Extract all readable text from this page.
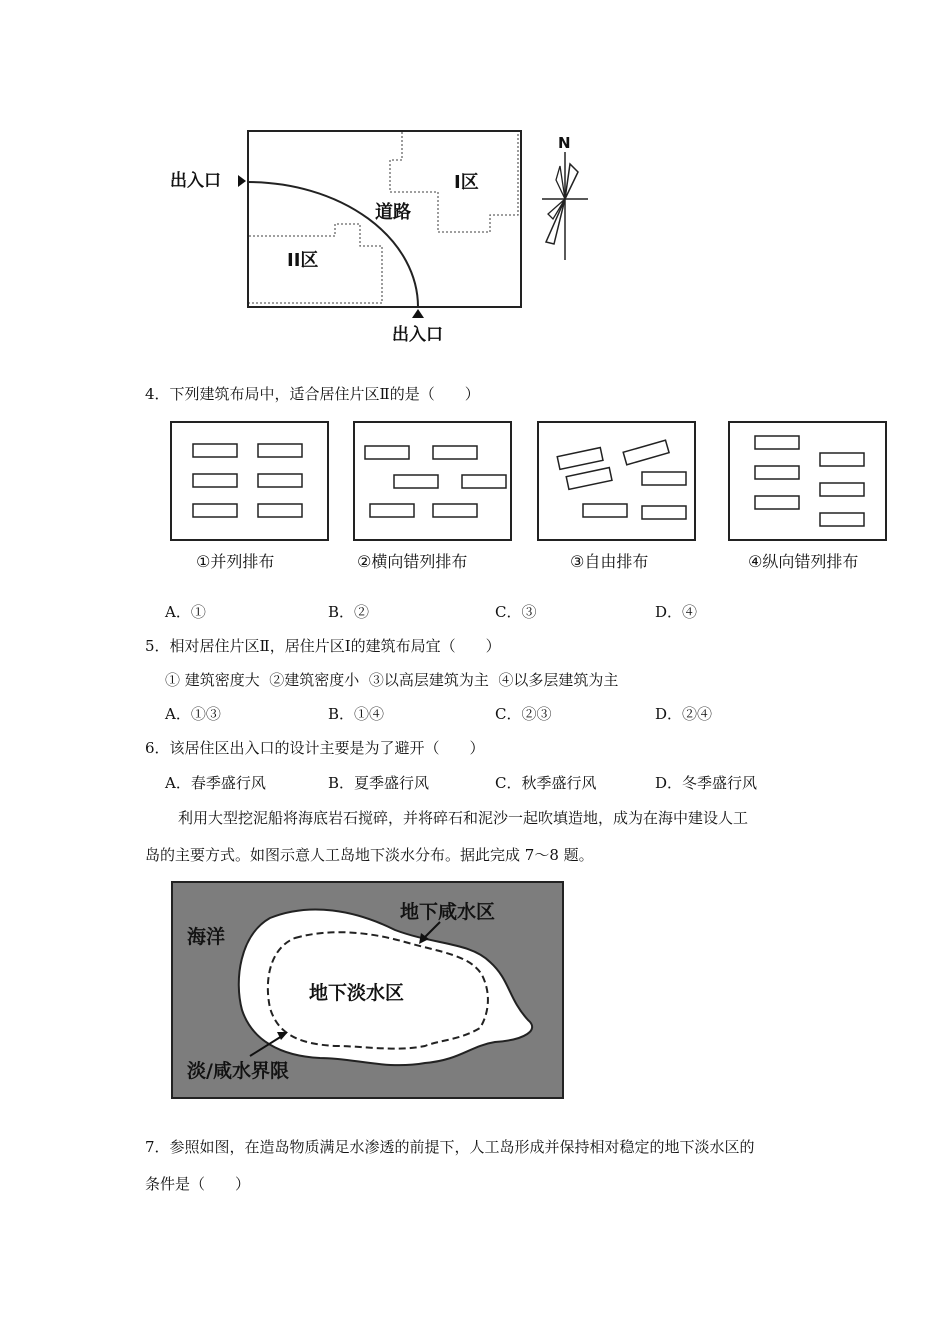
出入口
出入口
I区
II区
道路
N
4．下列建筑布局中，适合居住片区Ⅱ的是（　　）
①并列排布	②横向错列排布	③自由排布	④纵向错列排布
A．①	B．②	C．③	D．④
5．相对居住片区Ⅱ，居住片区Ⅰ的建筑布局宜（　　）
① 建筑密度大  ②建筑密度小  ③以高层建筑为主  ④以多层建筑为主
A．①③	B．①④	C．②③	D．②④
6．该居住区出入口的设计主要是为了避开（　　）
A．春季盛行风	B．夏季盛行风	C．秋季盛行风	D．冬季盛行风
利用大型挖泥船将海底岩石搅碎，并将碎石和泥沙一起吹填造地，成为在海中建设人工
岛的主要方式。如图示意人工岛地下淡水分布。据此完成 7～8 题。
海洋
地下咸水区
地下淡水区
淡/咸水界限
7．参照如图，在造岛物质满足水渗透的前提下，人工岛形成并保持相对稳定的地下淡水区的
条件是（　　）
